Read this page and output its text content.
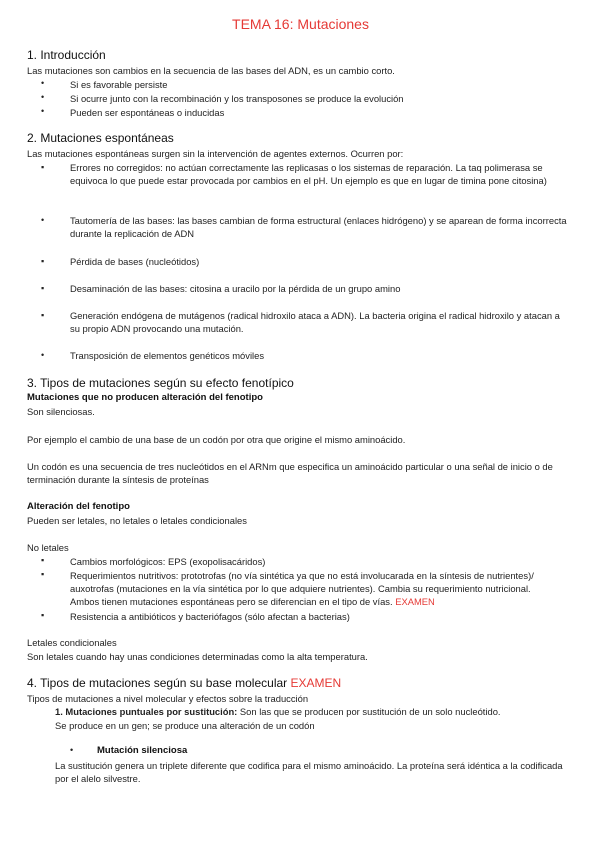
TEMA 16: Mutaciones
1. Introducción
Las mutaciones son cambios en la secuencia de las bases del ADN, es un cambio corto.
•	Si es favorable persiste
•	Si ocurre junto con la recombinación y los transposones se produce la evolución
•	Pueden ser espontáneas o inducidas
2. Mutaciones espontáneas
Las mutaciones espontáneas surgen sin la intervención de agentes externos. Ocurren por:
▪	Errores no corregidos: no actúan correctamente las replicasas o los sistemas de reparación. La taq polimerasa se equivoca lo que puede estar provocada por cambios en el pH. Un ejemplo es que en lugar de timina pone citosina)
•	Tautomería de las bases: las bases cambian de forma estructural (enlaces hidrógeno) y se aparean de forma incorrecta durante la replicación de ADN
▪	Pérdida de bases (nucleótidos)
▪	Desaminación de las bases: citosina a uracilo por la pérdida de un grupo amino
▪	Generación endógena de mutágenos (radical hidroxilo ataca a ADN). La bacteria origina el radical hidroxilo y atacan a su propio ADN provocando una mutación.
•	Transposición de elementos genéticos móviles
3. Tipos de mutaciones según su efecto fenotípico
Mutaciones que no producen alteración del fenotipo
Son silenciosas.
Por ejemplo el cambio de una base de un codón por otra que origine el mismo aminoácido.
Un codón es una secuencia de tres nucleótidos en el ARNm que especifica un aminoácido particular o una señal de inicio o de terminación durante la síntesis de proteínas
Alteración del fenotipo
Pueden ser letales, no letales o letales condicionales
No letales
▪	Cambios morfológicos: EPS (exopolisacáridos)
▪	Requerimientos nutritivos: prototrofas (no vía sintética ya que no está involucarada en la síntesis de nutrientes)/ auxotrofas (mutaciones en la vía sintética por lo que adquiere nutrientes). Cambia su requerimiento nutricional. Ambos tienen mutaciones espontáneas pero se diferencian en el tipo de vías. EXAMEN
▪	Resistencia a antibióticos y bacteriófagos (sólo afectan a bacterias)
Letales condicionales
Son letales cuando hay unas condiciones determinadas como la alta temperatura.
4. Tipos de mutaciones según su base molecular EXAMEN
Tipos de mutaciones a nivel molecular y efectos sobre la traducción
1. Mutaciones puntuales por sustitución: Son las que se producen por sustitución de un solo nucleótido.
Se produce en un gen; se produce una alteración de un codón
•	Mutación silenciosa
La sustitución genera un triplete diferente que codifica para el mismo aminoácido. La proteína será idéntica a la codificada por el alelo silvestre.
